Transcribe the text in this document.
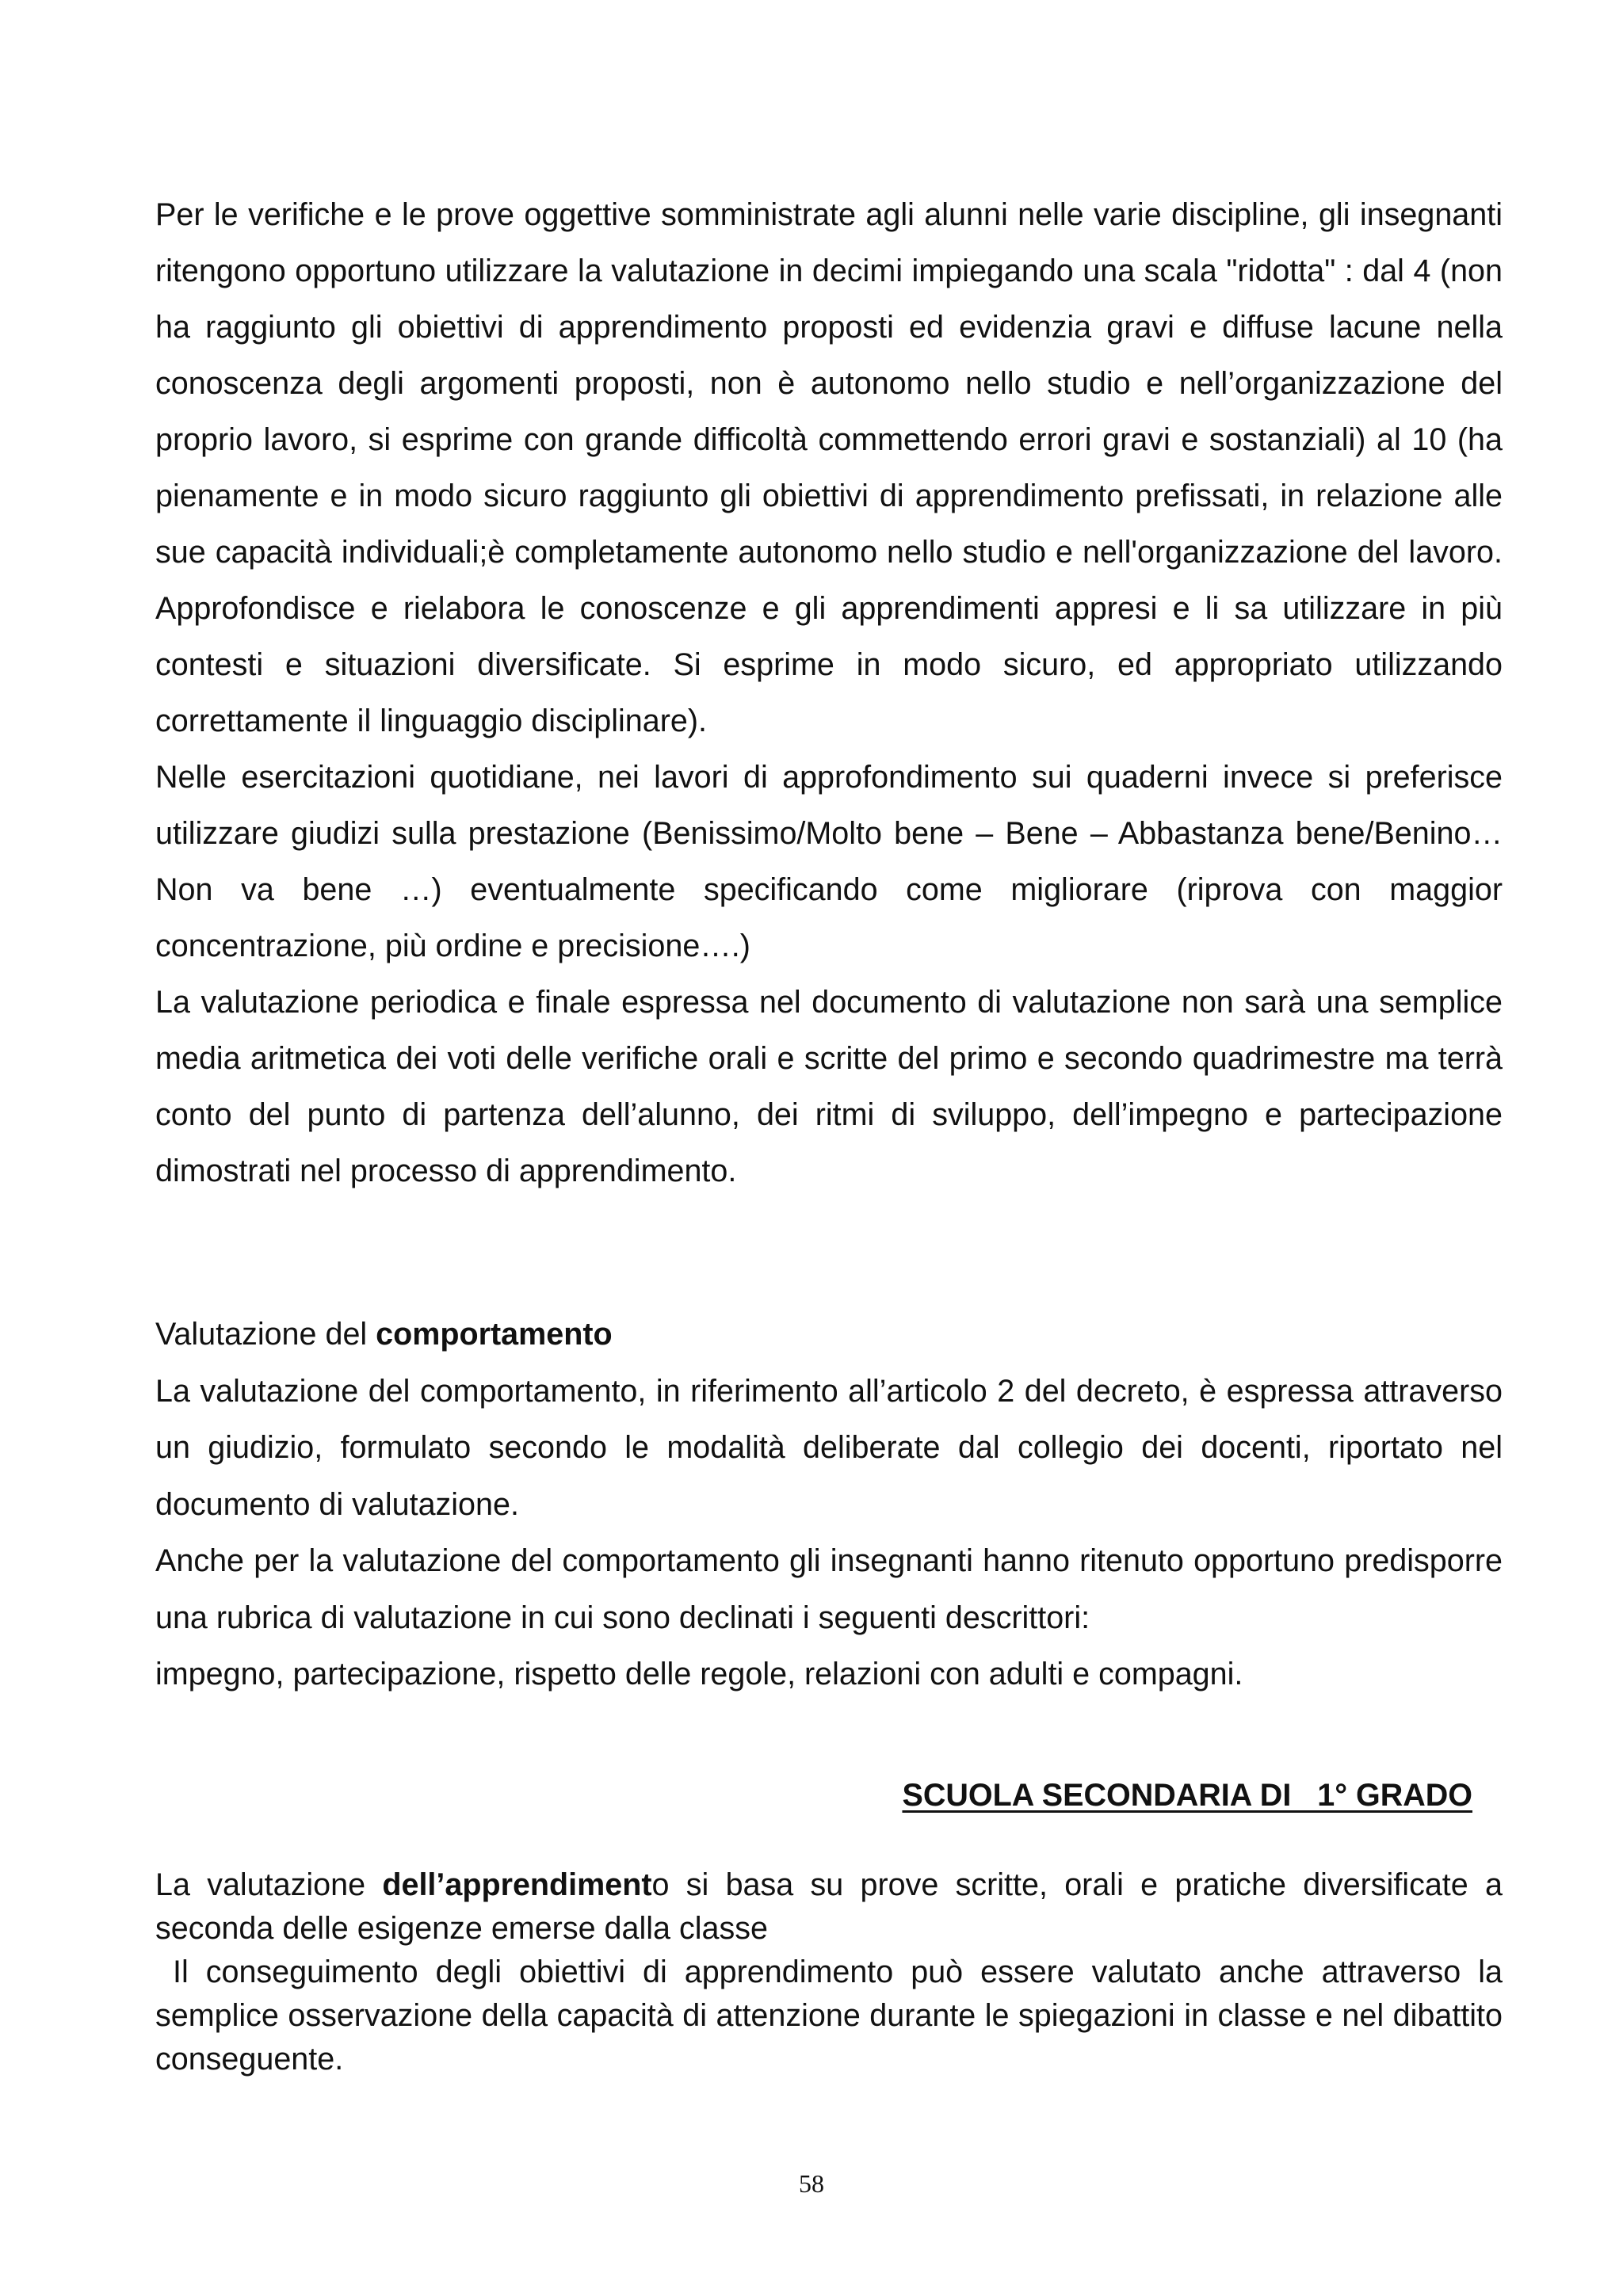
Per le verifiche e le prove oggettive somministrate agli alunni nelle varie discipline, gli insegnanti ritengono opportuno utilizzare la valutazione in decimi impiegando una scala "ridotta" : dal 4 (non ha raggiunto gli obiettivi di apprendimento proposti ed evidenzia gravi e diffuse lacune nella conoscenza degli argomenti proposti, non è autonomo nello studio e nell’organizzazione del proprio lavoro, si esprime con grande difficoltà commettendo errori gravi e sostanziali) al 10 (ha pienamente e in modo sicuro raggiunto gli obiettivi di apprendimento prefissati, in relazione alle sue capacità individuali;è completamente autonomo nello studio e nell'organizzazione del lavoro. Approfondisce e rielabora le conoscenze e gli apprendimenti appresi e li sa utilizzare in più contesti e situazioni diversificate. Si esprime in modo sicuro, ed appropriato utilizzando correttamente il linguaggio disciplinare).

Nelle esercitazioni quotidiane, nei lavori di approfondimento sui quaderni invece si preferisce utilizzare giudizi sulla prestazione (Benissimo/Molto bene – Bene – Abbastanza bene/Benino… Non va bene …) eventualmente specificando come migliorare (riprova con maggior concentrazione, più ordine e precisione….)

La valutazione periodica e finale espressa nel documento di valutazione non sarà una semplice media aritmetica dei voti delle verifiche orali e scritte del primo e secondo quadrimestre ma terrà conto del punto di partenza dell’alunno, dei ritmi di sviluppo, dell’impegno e partecipazione dimostrati nel processo di apprendimento.

Valutazione del comportamento

La valutazione del comportamento, in riferimento all’articolo 2 del decreto, è espressa attraverso un giudizio, formulato secondo le modalità deliberate dal collegio dei docenti, riportato nel documento di valutazione.

Anche per la valutazione del comportamento gli insegnanti hanno ritenuto opportuno predisporre una rubrica di valutazione in cui sono declinati i seguenti descrittori:

impegno, partecipazione, rispetto delle regole, relazioni con adulti e compagni.

SCUOLA SECONDARIA DI   1° GRADO

La valutazione dell’apprendimento si basa su prove scritte, orali e pratiche diversificate a seconda delle esigenze emerse dalla classe

Il conseguimento degli obiettivi di apprendimento può essere valutato anche attraverso la semplice osservazione della capacità di attenzione durante le spiegazioni in classe e nel dibattito conseguente.

58
